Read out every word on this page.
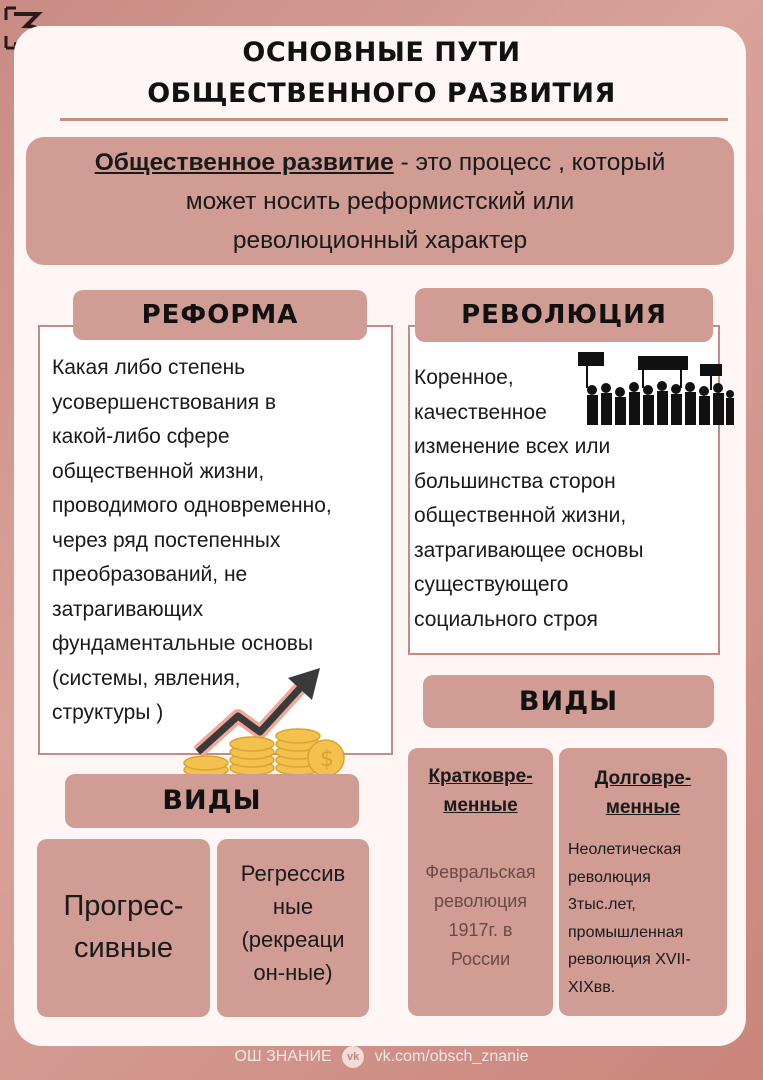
ОСНОВНЫЕ ПУТИ
ОБЩЕСТВЕННОГО РАЗВИТИЯ
Общественное развитие - это процесс , который
может носить реформистский или
революционный характер
РЕФОРМА
Какая либо степень
усовершенствования в
какой-либо сфере
общественной жизни,
проводимого одновременно,
через ряд постепенных
преобразований, не
затрагивающих
фундаментальные основы
(системы, явления,
структуры )
$
ВИДЫ
Прогрес-
сивные
Регрессив
ные
(рекреаци
он-ные)
РЕВОЛЮЦИЯ
Коренное,
качественное
изменение всех или
большинства сторон
общественной жизни,
затрагивающее основы
существующего
социального строя
ВИДЫ
Кратковре-
менные
Февральская
революция
1917г. в
России
Долговре-
менные
Неолетическая
революция
3тыс.лет,
промышленная
революция XVII-
XIXвв.
ОШ ЗНАНИЕ vk vk.com/obsch_znanie
